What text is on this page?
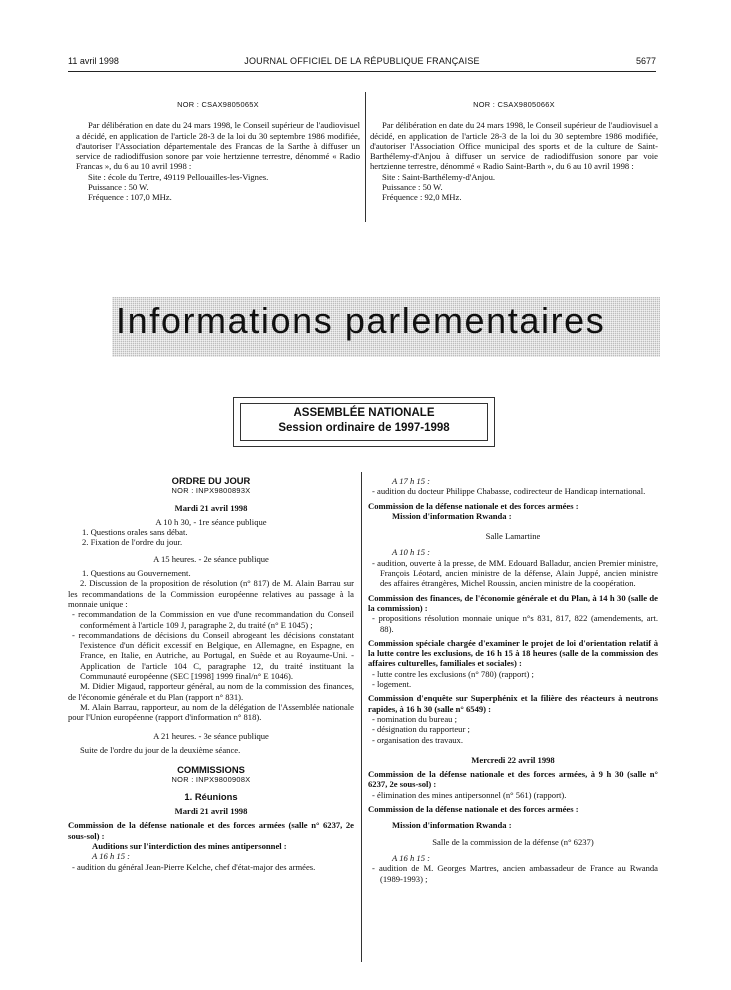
11 avril 1998	JOURNAL OFFICIEL DE LA RÉPUBLIQUE FRANÇAISE	5677

NOR : CSAX9805065X

Par délibération en date du 24 mars 1998, le Conseil supérieur de l'audiovisuel a décidé, en application de l'article 28-3 de la loi du 30 septembre 1986 modifiée, d'autoriser l'Association départementale des Francas de la Sarthe à diffuser un service de radiodiffusion sonore par voie hertzienne terrestre, dénommé « Radio Francas », du 6 au 10 avril 1998 :

Site : école du Tertre, 49119 Pellouailles-les-Vignes.

Puissance : 50 W.

Fréquence : 107,0 MHz.

NOR : CSAX9805066X

Par délibération en date du 24 mars 1998, le Conseil supérieur de l'audiovisuel a décidé, en application de l'article 28-3 de la loi du 30 septembre 1986 modifiée, d'autoriser l'Association Office municipal des sports et de la culture de Saint-Barthélemy-d'Anjou à diffuser un service de radiodiffusion sonore par voie hertzienne terrestre, dénommé « Radio Saint-Barth », du 6 au 10 avril 1998 :

Site : Saint-Barthélemy-d'Anjou.

Puissance : 50 W.

Fréquence : 92,0 MHz.

Informations parlementaires
ASSEMBLÉE NATIONALE
Session ordinaire de 1997-1998

ORDRE DU JOUR

NOR : INPX9800893X

Mardi 21 avril 1998

A 10 h 30, - 1re séance publique

1. Questions orales sans débat.

2. Fixation de l'ordre du jour.

A 15 heures. - 2e séance publique

1. Questions au Gouvernement.

2. Discussion de la proposition de résolution (n° 817) de M. Alain Barrau sur les recommandations de la Commission européenne relatives au passage à la monnaie unique :

- recommandation de la Commission en vue d'une recommandation du Conseil conformément à l'article 109 J, paragraphe 2, du traité (n° E 1045) ;

- recommandations de décisions du Conseil abrogeant les décisions constatant l'existence d'un déficit excessif en Belgique, en Allemagne, en Espagne, en France, en Italie, en Autriche, au Portugal, en Suède et au Royaume-Uni. - Application de l'article 104 C, paragraphe 12, du traité instituant la Communauté européenne (SEC [1998] 1999 final/n° E 1046).

M. Didier Migaud, rapporteur général, au nom de la commission des finances, de l'économie générale et du Plan (rapport n° 831).

M. Alain Barrau, rapporteur, au nom de la délégation de l'Assemblée nationale pour l'Union européenne (rapport d'information n° 818).

A 21 heures. - 3e séance publique

Suite de l'ordre du jour de la deuxième séance.

COMMISSIONS

NOR : INPX9800908X

1. Réunions

Mardi 21 avril 1998

Commission de la défense nationale et des forces armées (salle n° 6237, 2e sous-sol) :

Auditions sur l'interdiction des mines antipersonnel :

A 16 h 15 :

- audition du général Jean-Pierre Kelche, chef d'état-major des armées.

A 17 h 15 :

- audition du docteur Philippe Chabasse, codirecteur de Handicap international.

Commission de la défense nationale et des forces armées :

Mission d'information Rwanda :

Salle Lamartine

A 10 h 15 :

- audition, ouverte à la presse, de MM. Edouard Balladur, ancien Premier ministre, François Léotard, ancien ministre de la défense, Alain Juppé, ancien ministre des affaires étrangères, Michel Roussin, ancien ministre de la coopération.

Commission des finances, de l'économie générale et du Plan, à 14 h 30 (salle de la commission) :

- propositions résolution monnaie unique n°s 831, 817, 822 (amendements, art. 88).

Commission spéciale chargée d'examiner le projet de loi d'orientation relatif à la lutte contre les exclusions, de 16 h 15 à 18 heures (salle de la commission des affaires culturelles, familiales et sociales) :

- lutte contre les exclusions (n° 780) (rapport) ;

- logement.

Commission d'enquête sur Superphénix et la filière des réacteurs à neutrons rapides, à 16 h 30 (salle n° 6549) :

- nomination du bureau ;

- désignation du rapporteur ;

- organisation des travaux.

Mercredi 22 avril 1998

Commission de la défense nationale et des forces armées, à 9 h 30 (salle n° 6237, 2e sous-sol) :

- élimination des mines antipersonnel (n° 561) (rapport).

Commission de la défense nationale et des forces armées :

Mission d'information Rwanda :

Salle de la commission de la défense (n° 6237)

A 16 h 15 :

- audition de M. Georges Martres, ancien ambassadeur de France au Rwanda (1989-1993) ;
